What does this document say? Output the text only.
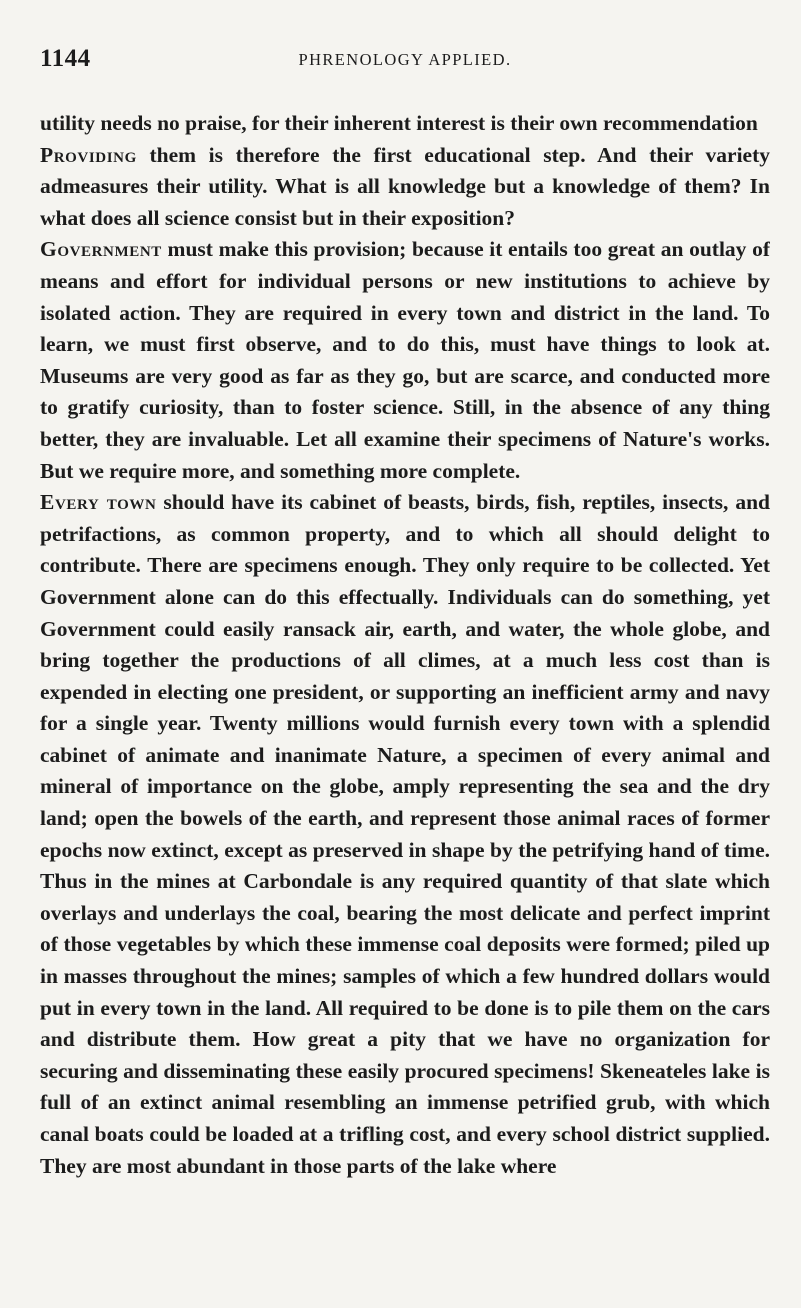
1144	PHRENOLOGY APPLIED.

utility needs no praise, for their inherent interest is their own recommendation

Providing them is therefore the first educational step. And their variety admeasures their utility. What is all knowledge but a knowledge of them? In what does all science consist but in their exposition?

Government must make this provision; because it entails too great an outlay of means and effort for individual persons or new institutions to achieve by isolated action. They are required in every town and district in the land. To learn, we must first observe, and to do this, must have things to look at. Museums are very good as far as they go, but are scarce, and conducted more to gratify curiosity, than to foster science. Still, in the absence of any thing better, they are invaluable. Let all examine their specimens of Nature's works. But we require more, and something more complete.

Every town should have its cabinet of beasts, birds, fish, reptiles, insects, and petrifactions, as common property, and to which all should delight to contribute. There are specimens enough. They only require to be collected. Yet Government alone can do this effectually. Individuals can do something, yet Government could easily ransack air, earth, and water, the whole globe, and bring together the productions of all climes, at a much less cost than is expended in electing one president, or supporting an inefficient army and navy for a single year. Twenty millions would furnish every town with a splendid cabinet of animate and inanimate Nature, a specimen of every animal and mineral of importance on the globe, amply representing the sea and the dry land; open the bowels of the earth, and represent those animal races of former epochs now extinct, except as preserved in shape by the petrifying hand of time. Thus in the mines at Carbondale is any required quantity of that slate which overlays and underlays the coal, bearing the most delicate and perfect imprint of those vegetables by which these immense coal deposits were formed; piled up in masses throughout the mines; samples of which a few hundred dollars would put in every town in the land. All required to be done is to pile them on the cars and distribute them. How great a pity that we have no organization for securing and disseminating these easily procured specimens! Skeneateles lake is full of an extinct animal resembling an immense petrified grub, with which canal boats could be loaded at a trifling cost, and every school district supplied. They are most abundant in those parts of the lake where
